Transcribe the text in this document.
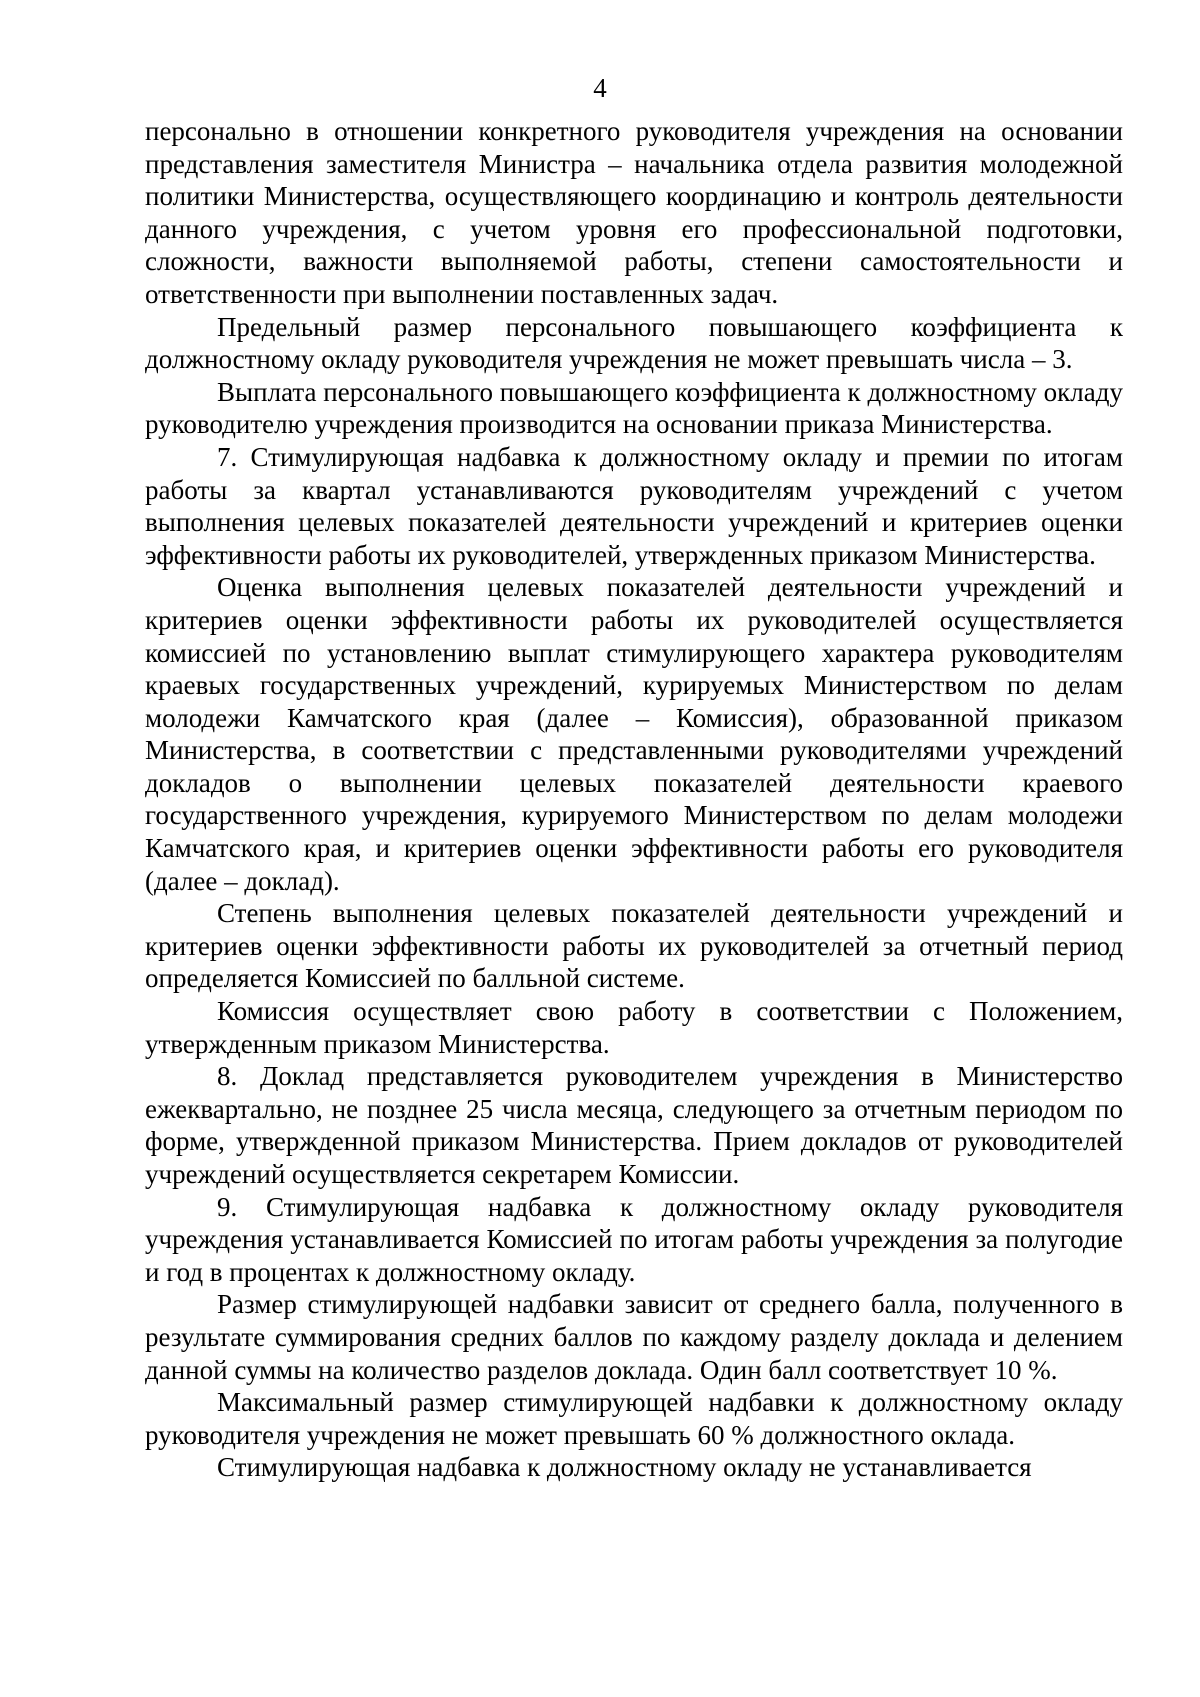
4

персонально в отношении конкретного руководителя учреждения на основании представления заместителя Министра – начальника отдела развития молодежной политики Министерства, осуществляющего координацию и контроль деятельности данного учреждения, с учетом уровня его профессиональной подготовки, сложности, важности выполняемой работы, степени самостоятельности и ответственности при выполнении поставленных задач.

Предельный размер персонального повышающего коэффициента к должностному окладу руководителя учреждения не может превышать числа – 3.

Выплата персонального повышающего коэффициента к должностному окладу руководителю учреждения производится на основании приказа Министерства.

7. Стимулирующая надбавка к должностному окладу и премии по итогам работы за квартал устанавливаются руководителям учреждений с учетом выполнения целевых показателей деятельности учреждений и критериев оценки эффективности работы их руководителей, утвержденных приказом Министерства.

Оценка выполнения целевых показателей деятельности учреждений и критериев оценки эффективности работы их руководителей осуществляется комиссией по установлению выплат стимулирующего характера руководителям краевых государственных учреждений, курируемых Министерством по делам молодежи Камчатского края (далее – Комиссия), образованной приказом Министерства, в соответствии с представленными руководителями учреждений докладов о выполнении целевых показателей деятельности краевого государственного учреждения, курируемого Министерством по делам молодежи Камчатского края, и критериев оценки эффективности работы его руководителя (далее – доклад).

Степень выполнения целевых показателей деятельности учреждений и критериев оценки эффективности работы их руководителей за отчетный период определяется Комиссией по балльной системе.

Комиссия осуществляет свою работу в соответствии с Положением, утвержденным приказом Министерства.

8. Доклад представляется руководителем учреждения в Министерство ежеквартально, не позднее 25 числа месяца, следующего за отчетным периодом по форме, утвержденной приказом Министерства. Прием докладов от руководителей учреждений осуществляется секретарем Комиссии.

9. Стимулирующая надбавка к должностному окладу руководителя учреждения устанавливается Комиссией по итогам работы учреждения за полугодие и год в процентах к должностному окладу.

Размер стимулирующей надбавки зависит от среднего балла, полученного в результате суммирования средних баллов по каждому разделу доклада и делением данной суммы на количество разделов доклада. Один балл соответствует 10 %.

Максимальный размер стимулирующей надбавки к должностному окладу руководителя учреждения не может превышать 60 % должностного оклада.

Стимулирующая надбавка к должностному окладу не устанавливается
